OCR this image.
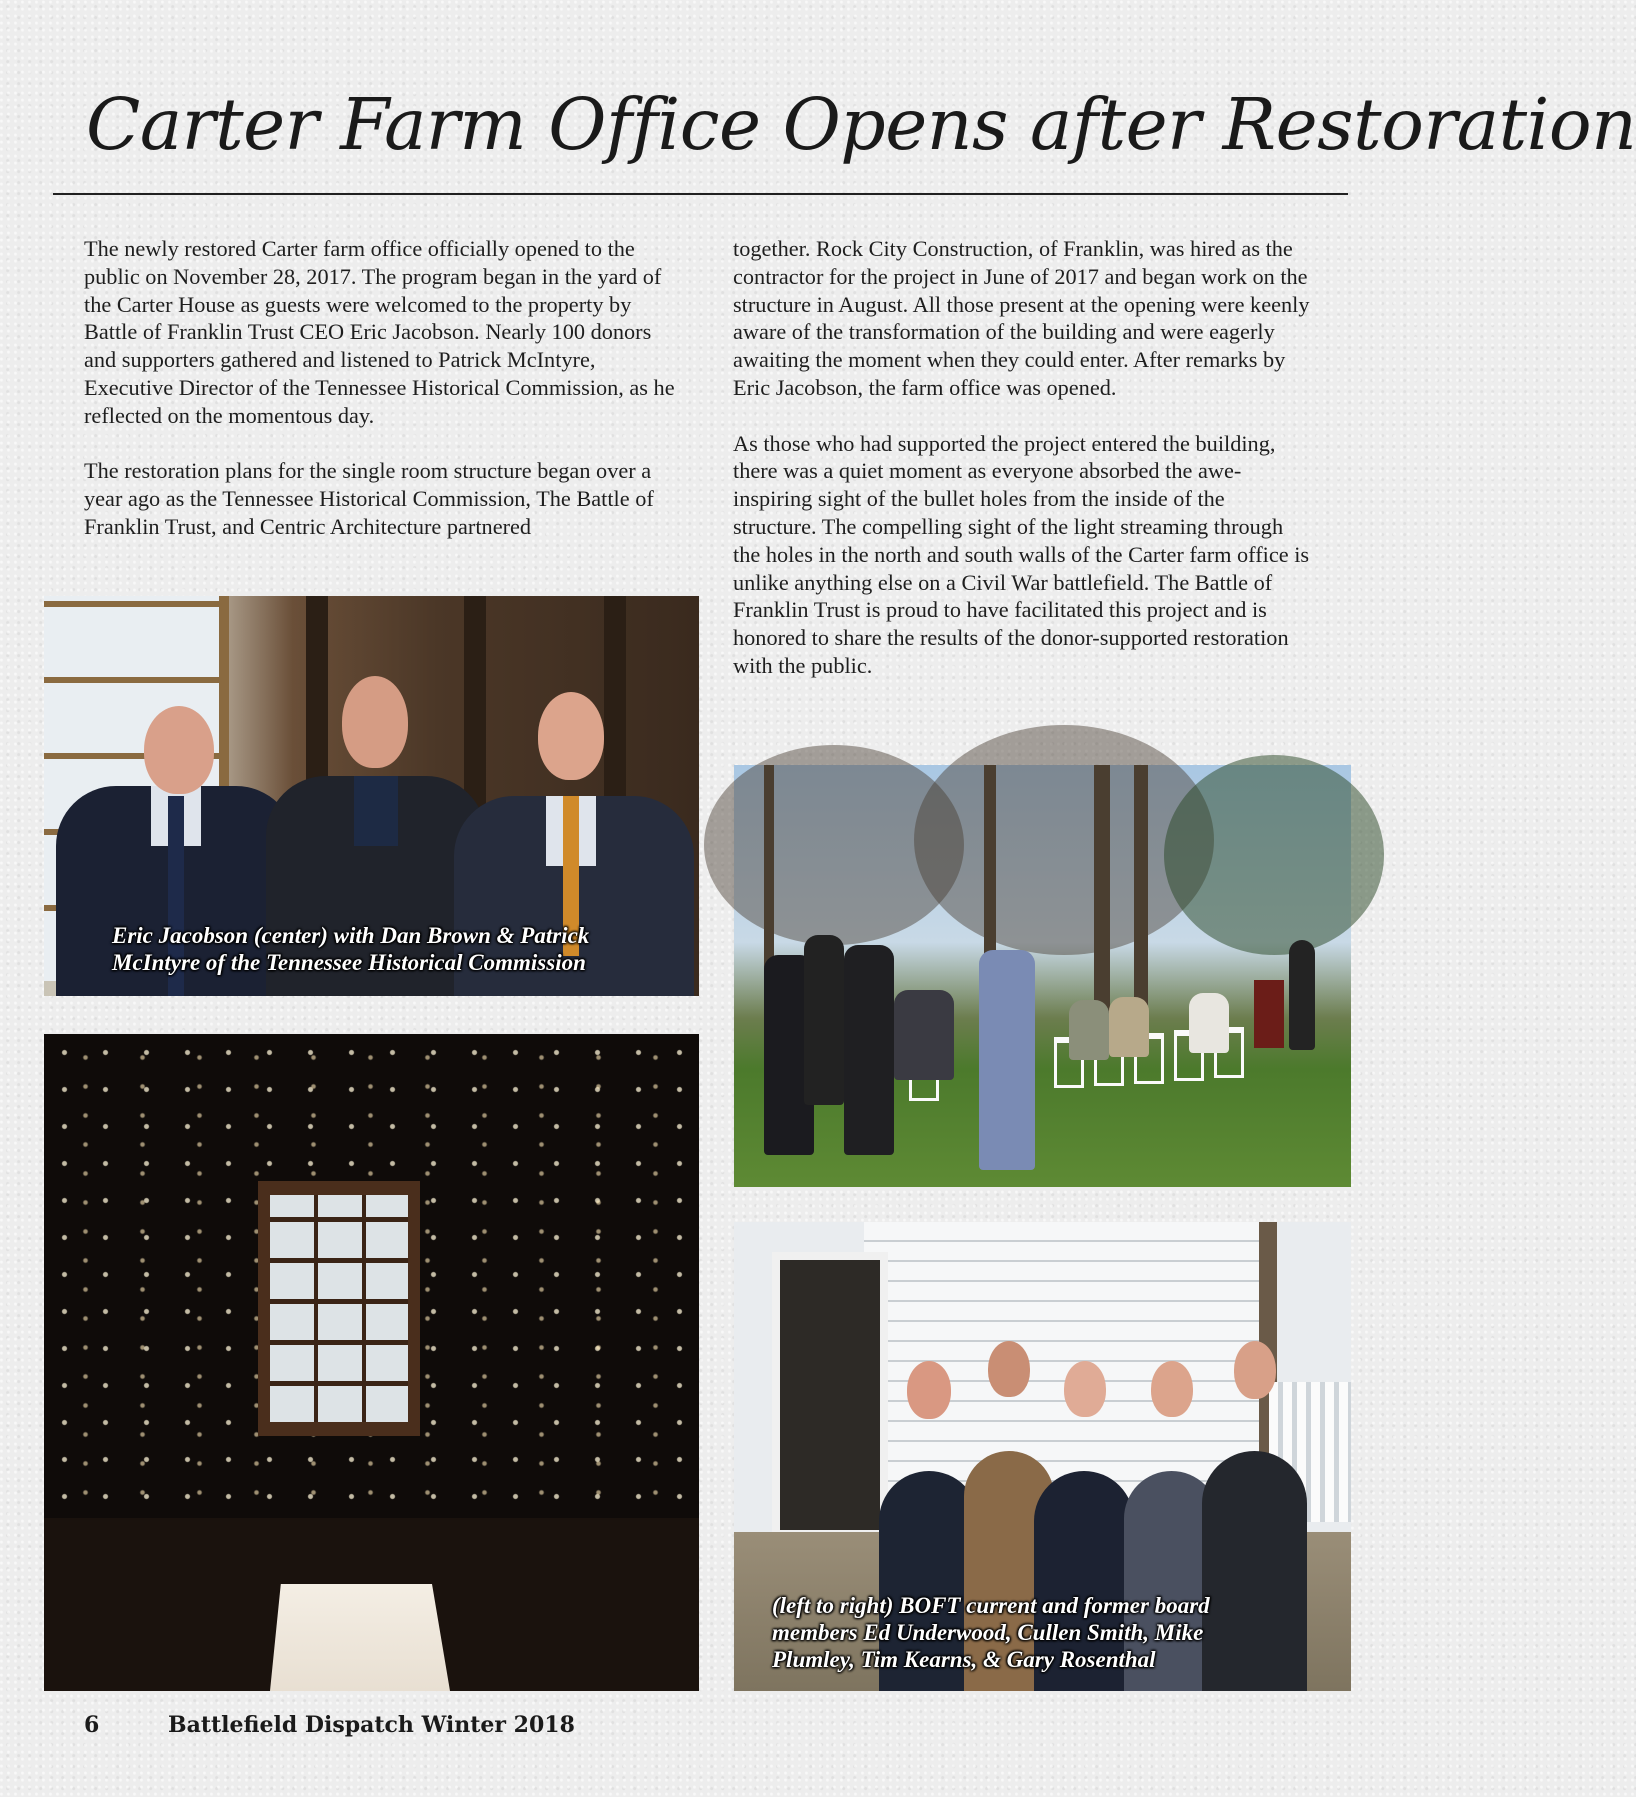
Carter Farm Office Opens after Restoration

The newly restored Carter farm office officially opened to the public on November 28, 2017. The program began in the yard of the Carter House as guests were welcomed to the property by Battle of Franklin Trust CEO Eric Jacobson. Nearly 100 donors and supporters gathered and listened to Patrick McIntyre, Executive Director of the Tennessee Historical Commission, as he reflected on the momentous day.

The restoration plans for the single room structure began over a year ago as the Tennessee Historical Commission, The Battle of Franklin Trust, and Centric Architecture partnered

together. Rock City Construction, of Franklin, was hired as the contractor for the project in June of 2017 and began work on the structure in August. All those present at the opening were keenly aware of the transformation of the building and were eagerly awaiting the moment when they could enter. After remarks by Eric Jacobson, the farm office was opened.

As those who had supported the project entered the building, there was a quiet moment as everyone absorbed the awe-inspiring sight of the bullet holes from the inside of the structure. The compelling sight of the light streaming through the holes in the north and south walls of the Carter farm office is unlike anything else on a Civil War battlefield. The Battle of Franklin Trust is proud to have facilitated this project and is honored to share the results of the donor-supported restoration with the public.

Eric Jacobson (center) with Dan Brown & Patrick
McIntyre of the Tennessee Historical Commission
(left to right) BOFT current and former board
members Ed Underwood, Cullen Smith, Mike
Plumley, Tim Kearns, & Gary Rosenthal
6	Battlefield Dispatch Winter 2018
